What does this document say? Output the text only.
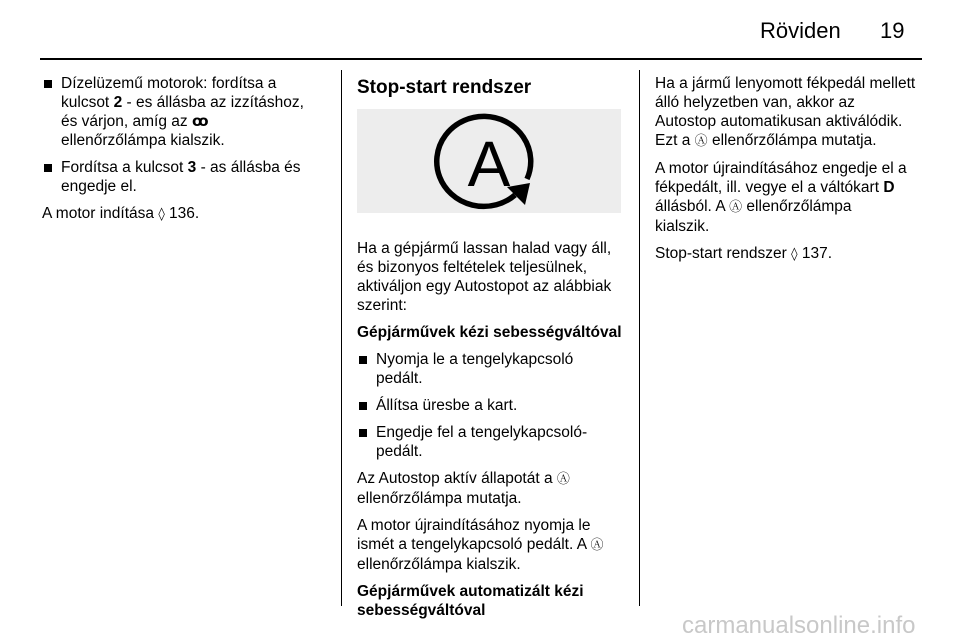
Röviden 19
Dízelüzemű motorok: fordítsa a
kulcsot 2 - es állásba az izzításhoz,
és várjon, amíg az ꝏ
ellenőrzőlámpa kialszik.
Fordítsa a kulcsot 3 - as állásba és
engedje el.

A motor indítása ◊ 136.

Stop-start rendszer
A

Ha a gépjármű lassan halad vagy áll,
és bizonyos feltételek teljesülnek,
aktiváljon egy Autostopot az alábbiak
szerint:

Gépjárművek kézi sebességváltóval

Nyomja le a tengelykapcsoló
pedált.
Állítsa üresbe a kart.
Engedje fel a tengelykapcsoló-
pedált.

Az Autostop aktív állapotát a Ⓐ
ellenőrzőlámpa mutatja.

A motor újraindításához nyomja le
ismét a tengelykapcsoló pedált. A Ⓐ
ellenőrzőlámpa kialszik.

Gépjárművek automatizált kézi
sebességváltóval

Ha a jármű lenyomott fékpedál mellett
álló helyzetben van, akkor az
Autostop automatikusan aktiválódik.
Ezt a Ⓐ ellenőrzőlámpa mutatja.

A motor újraindításához engedje el a
fékpedált, ill. vegye el a váltókart D
állásból. A Ⓐ ellenőrzőlámpa
kialszik.

Stop-start rendszer ◊ 137.

carmanualsonline.info
